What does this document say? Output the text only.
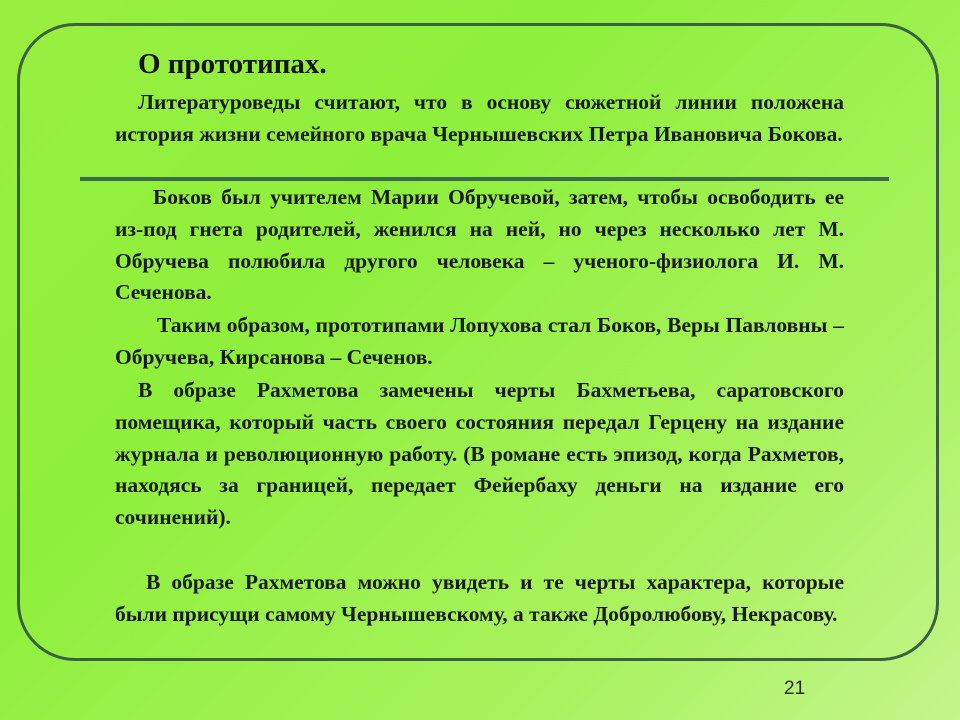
О прототипах.

Литературоведы считают, что в основу сюжетной линии положена история жизни семейного врача Чернышевских Петра Ивановича Бокова.

Боков был учителем Марии Обручевой, затем, чтобы освободить ее из-под гнета родителей, женился на ней, но через несколько лет М. Обручева полюбила другого человека – ученого-физиолога И. М. Сеченова.

Таким образом, прототипами Лопухова стал Боков, Веры Павловны – Обручева, Кирсанова – Сеченов.

В образе Рахметова замечены черты Бахметьева, саратовского помещика, который часть своего состояния передал Герцену на издание журнала и революционную работу. (В романе есть эпизод, когда Рахметов, находясь за границей, передает Фейербаху деньги на издание его сочинений).

В образе Рахметова можно увидеть и те черты характера, которые были присущи самому Чернышевскому, а также Добролюбову, Некрасову.

21
